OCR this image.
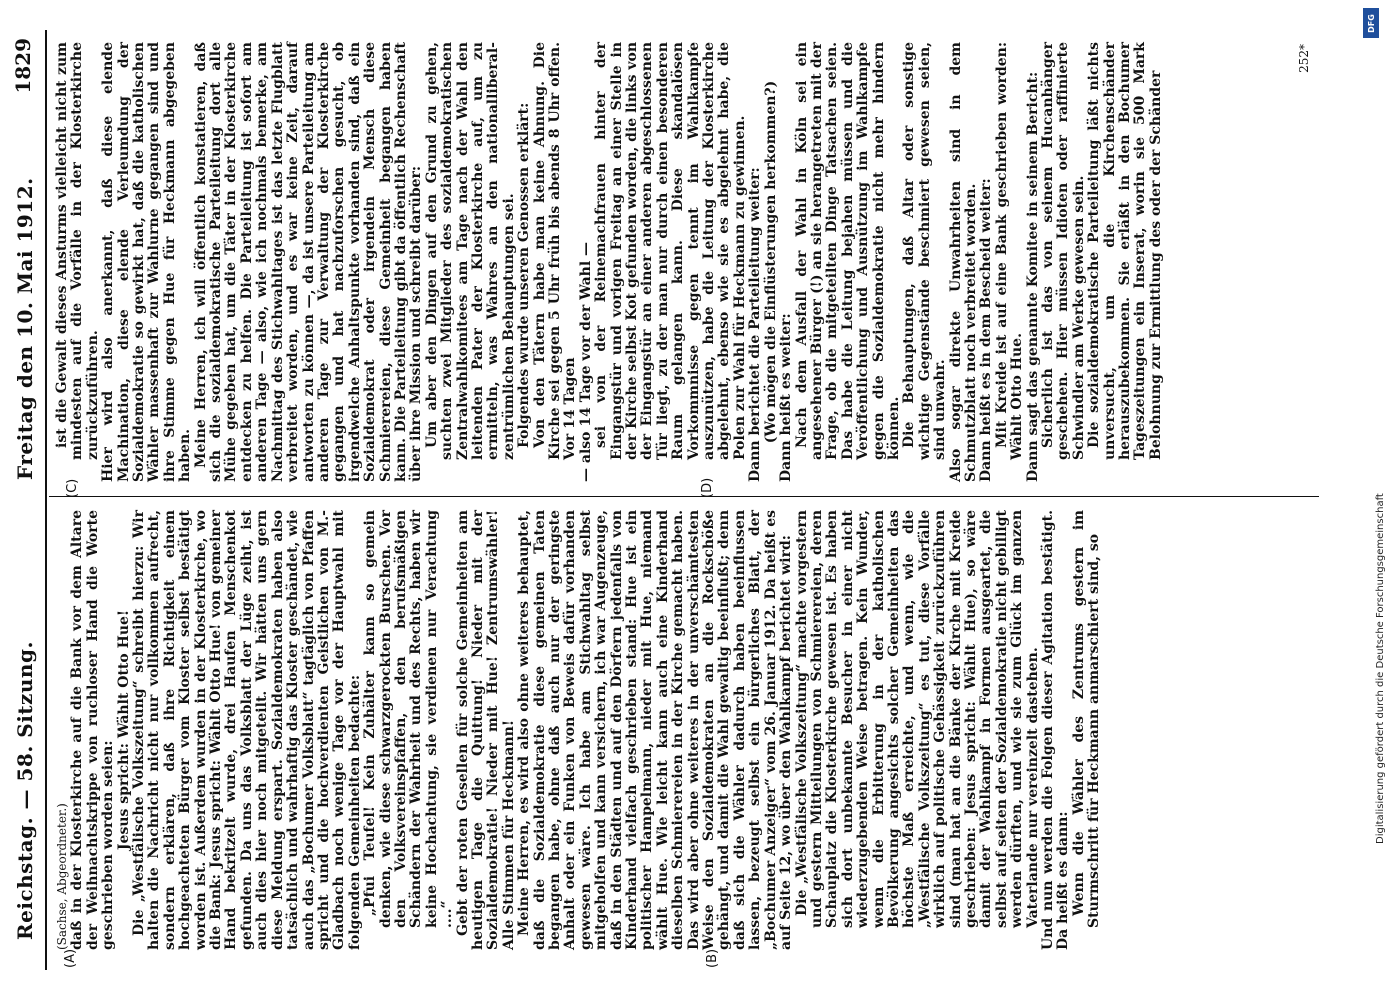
Reichstag. — 58. Sitzung.
Freitag den 10. Mai 1912.
1829
(A)	(B)
(C)	(D)

(Sachse, Abgeordneter.) daß in der Klosterkirche auf die Bank vor dem Altare der Weihnachtskrippe von ruchloser Hand die Worte geschrieben worden seien: Jesus spricht: Wählt Otto Hue! Die „Westfälische Volkszeitung“ schreibt hierzu: Wir halten die Nachricht nicht nur vollkommen aufrecht, sondern erklären, daß ihre Richtigkeit einem hochgeachteten Bürger vom Kloster selbst bestätigt worden ist. Außerdem wurden in der Klosterkirche, wo die Bank: Jesus spricht: Wählt Otto Hue! von gemeiner Hand bekritzelt wurde, drei Haufen Menschenkot gefunden. Da uns das Volksblatt der Lüge zeiht, ist auch dies hier noch mitgeteilt. Wir hätten uns gern diese Meldung erspart. Sozialdemokraten haben also tatsächlich und wahrhaftig das Kloster geschändet, wie auch das „Bochumer Volksblatt“ tagtäglich von Pfaffen spricht und die hochverdienten Geistlichen von M.-Gladbach noch wenige Tage vor der Hauptwahl mit folgenden Gemeinheiten bedachte: „Pfui Teufel! Kein Zuhälter kann so gemein denken, wie diese schwarzgerockten Burschen. Vor den Volksvereinspfaffen, den berufsmäßigen Schändern der Wahrheit und des Rechts, haben wir keine Hochachtung, sie verdienen nur Verachtung ....“ Gebt der roten Gesellen für solche Gemeinheiten am heutigen Tage die Quittung! Nieder mit der Sozialdemokratie! Nieder mit Hue! Zentrumswähler! Alle Stimmen für Heckmann! Meine Herren, es wird also ohne weiteres behauptet, daß die Sozialdemokratie diese gemeinen Taten begangen habe, ohne daß auch nur der geringste Anhalt oder ein Funken von Beweis dafür vorhanden gewesen wäre. Ich habe am Stichwahltag selbst mitgeholfen und kann versichern, ich war Augenzeuge, daß in den Städten und auf den Dörfern jedenfalls von Kinderhand vielfach geschrieben stand: Hue ist ein politischer Hampelmann, nieder mit Hue, niemand wählt Hue. Wie leicht kann auch eine Kinderhand dieselben Schmierereien in der Kirche gemacht haben. Das wird aber ohne weiteres in der unverschämtesten Weise den Sozialdemokraten an die Rockschöße gehängt, und damit die Wahl gewaltig beeinflußt; denn daß sich die Wähler dadurch haben beeinflussen lassen, bezeugt selbst ein bürgerliches Blatt, der „Bochumer Anzeiger“ vom 26. Januar 1912. Da heißt es auf Seite 12, wo über den Wahlkampf berichtet wird: Die „Westfälische Volkszeitung“ machte vorgestern und gestern Mitteilungen von Schmierereien, deren Schauplatz die Klosterkirche gewesen ist. Es haben sich dort unbekannte Besucher in einer nicht wiederzugebenden Weise betragen. Kein Wunder, wenn die Erbitterung in der katholischen Bevölkerung angesichts solcher Gemeinheiten das höchste Maß erreichte, und wenn, wie die „Westfälische Volkszeitung“ es tut, diese Vorfälle wirklich auf politische Gehässigkeit zurückzuführen sind (man hat an die Bänke der Kirche mit Kreide geschrieben: Jesus spricht: Wählt Hue), so wäre damit der Wahlkampf in Formen ausgeartet, die selbst auf seiten der Sozialdemokratie nicht gebilligt werden dürften, und wie sie zum Glück im ganzen Vaterlande nur vereinzelt dastehen. Und nun werden die Folgen dieser Agitation bestätigt. Da heißt es dann: Wenn die Wähler des Zentrums gestern im Sturmschritt für Heckmann anmarschiert sind, so

ist die Gewalt dieses Ansturms vielleicht nicht zum mindesten auf die Vorfälle in der Klosterkirche zurückzuführen. Hier wird also anerkannt, daß diese elende Machination, diese elende Verleumdung der Sozialdemokratie so gewirkt hat, daß die katholischen Wähler massenhaft zur Wahlurne gegangen sind und ihre Stimme gegen Hue für Heckmann abgegeben haben. Meine Herren, ich will öffentlich konstatieren, daß sich die sozialdemokratische Parteileitung dort alle Mühe gegeben hat, um die Täter in der Klosterkirche entdecken zu helfen. Die Parteileitung ist sofort am anderen Tage — also, wie ich nochmals bemerke, am Nachmittag des Stichwahltages ist das letzte Flugblatt verbreitet worden, und es war keine Zeit, darauf antworten zu können —, da ist unsere Parteileitung am anderen Tage zur Verwaltung der Klosterkirche gegangen und hat nachzuforschen gesucht, ob irgendwelche Anhaltspunkte vorhanden sind, daß ein Sozialdemokrat oder irgendein Mensch diese Schmierereien, diese Gemeinheit begangen haben kann. Die Parteileitung gibt da öffentlich Rechenschaft über ihre Mission und schreibt darüber: Um aber den Dingen auf den Grund zu gehen, suchten zwei Mitglieder des sozialdemokratischen Zentralwahlkomitees am Tage nach der Wahl den leitenden Pater der Klosterkirche auf, um zu ermitteln, was Wahres an den nationalliberal-zentrümlichen Behauptungen sei. Folgendes wurde unseren Genossen erklärt: Von den Tätern habe man keine Ahnung. Die Kirche sei gegen 5 Uhr früh bis abends 8 Uhr offen. Vor 14 Tagen — also 14 Tage vor der Wahl — sei von der Reinemachfrauen hinter der Eingangstür und vorigen Freitag an einer Stelle in der Kirche selbst Kot gefunden worden, die links von der Eingangstür an einer anderen abgeschlossenen Tür liegt, zu der man nur durch einen besonderen Raum gelangen kann. Diese skandalösen Vorkommnisse gegen tennt im Wahlkampfe auszunützen, habe die Leitung der Klosterkirche abgelehnt, ebenso wie sie es abgelehnt habe, die Polen zur Wahl für Heckmann zu gewinnen. Dann berichtet die Parteileitung weiter: (Wo mögen die Einflüsterungen herkommen?) Dann heißt es weiter: Nach dem Ausfall der Wahl in Köln sei ein angesehener Bürger (!) an sie herangetreten mit der Frage, ob die mitgeteilten Dinge Tatsachen seien. Das habe die Leitung bejahen müssen und die Veröffentlichung und Ausnützung im Wahlkampfe gegen die Sozialdemokratie nicht mehr hindern können. Die Behauptungen, daß Altar oder sonstige wichtige Gegenstände beschmiert gewesen seien, sind unwahr. Also sogar direkte Unwahrheiten sind in dem Schmutzblatt noch verbreitet worden. Dann heißt es in dem Bescheid weiter: Mit Kreide ist auf eine Bank geschrieben worden: Wählt Otto Hue. Dann sagt das genannte Komitee in seinem Bericht: Sicherlich ist das von seinem Hucanhänger geschehen. Hier müssen Idioten oder raffinierte Schwindler am Werke gewesen sein. Die sozialdemokratische Parteileitung läßt nichts unversucht, um die Kirchenschänder herauszubekommen. Sie erläßt in den Bochumer Tageszeitungen ein Inserat, worin sie 500 Mark Belohnung zur Ermittlung des oder der Schänder

252*
DFG
Digitalisierung gefördert durch die Deutsche Forschungsgemeinschaft
